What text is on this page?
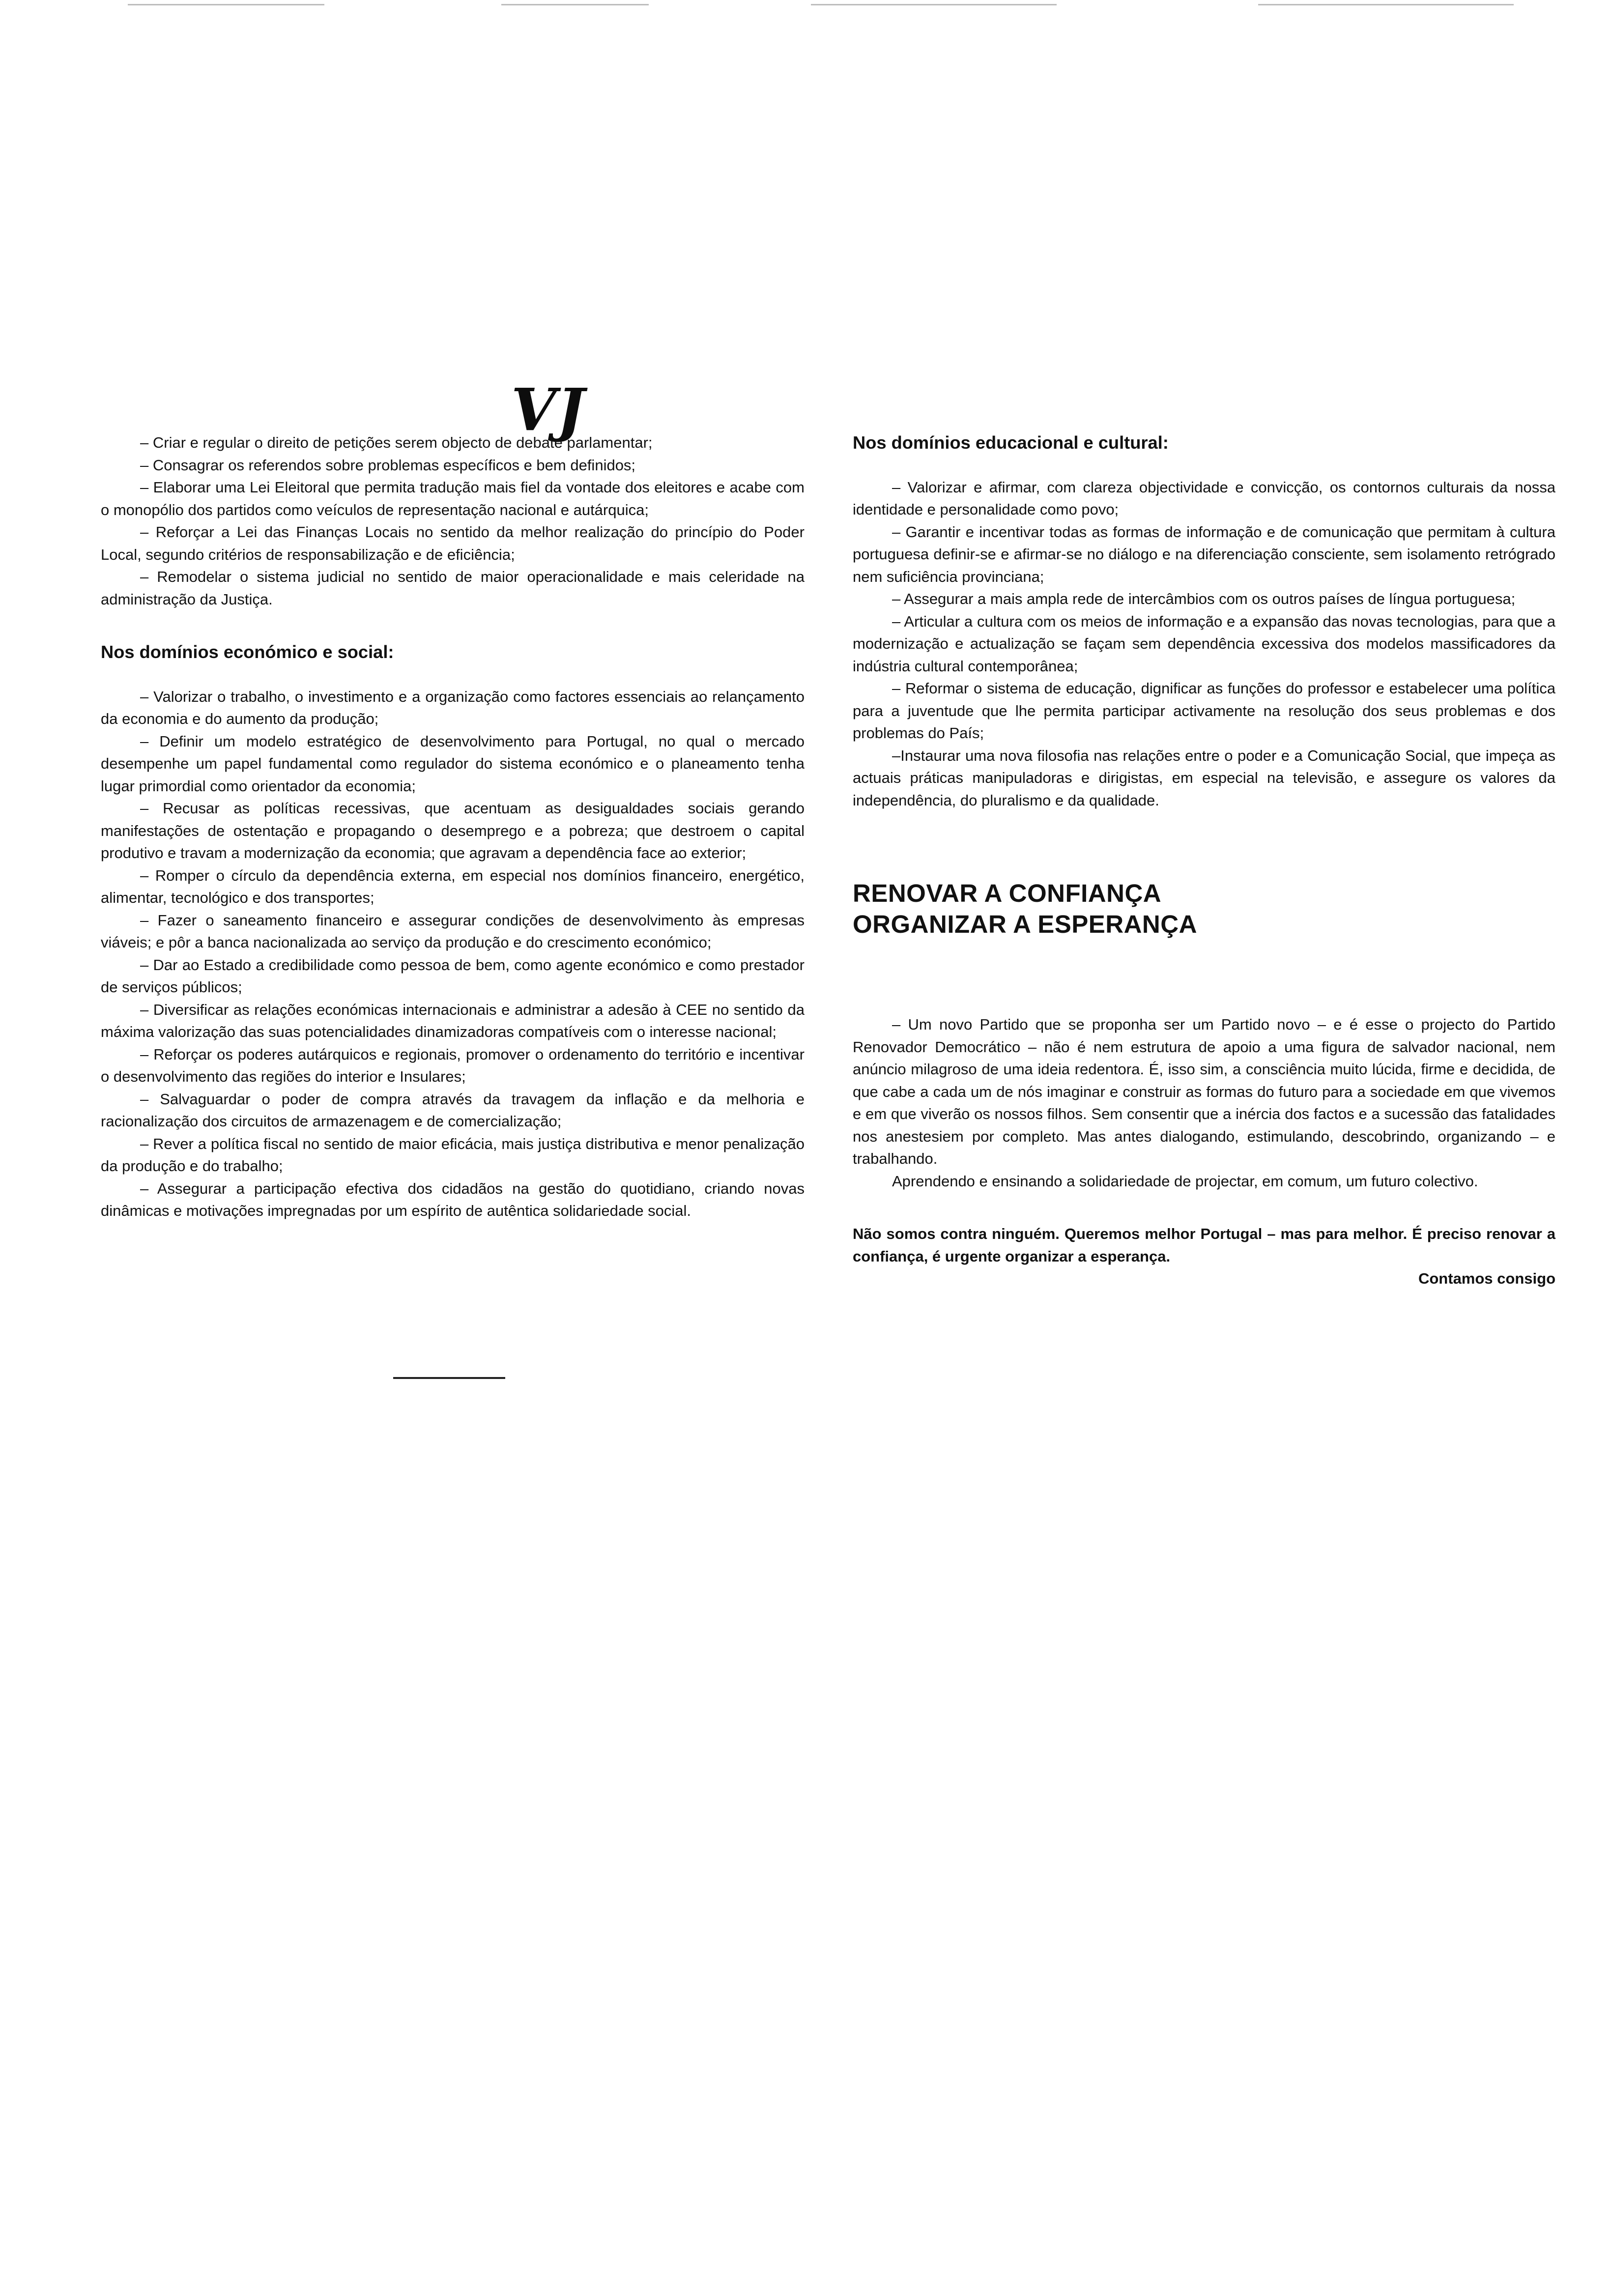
VJ

– Criar e regular o direito de petições serem objecto de debate parlamentar;

– Consagrar os referendos sobre problemas específicos e bem definidos;

– Elaborar uma Lei Eleitoral que permita tradução mais fiel da vontade dos eleitores e acabe com o monopólio dos partidos como veículos de representação nacional e autárquica;

– Reforçar a Lei das Finanças Locais no sentido da melhor realização do princípio do Poder Local, segundo critérios de responsabilização e de eficiência;

– Remodelar o sistema judicial no sentido de maior operacionalidade e mais celeridade na administração da Justiça.

Nos domínios económico e social:

– Valorizar o trabalho, o investimento e a organização como factores essenciais ao relançamento da economia e do aumento da produção;

– Definir um modelo estratégico de desenvolvimento para Portugal, no qual o mercado desempenhe um papel fundamental como regulador do sistema económico e o planeamento tenha lugar primordial como orientador da economia;

– Recusar as políticas recessivas, que acentuam as desigualdades sociais gerando manifestações de ostentação e propagando o desemprego e a pobreza; que destroem o capital produtivo e travam a modernização da economia; que agravam a dependência face ao exterior;

– Romper o círculo da dependência externa, em especial nos domínios financeiro, energético, alimentar, tecnológico e dos transportes;

– Fazer o saneamento financeiro e assegurar condições de desenvolvimento às empresas viáveis; e pôr a banca nacionalizada ao serviço da produção e do crescimento económico;

– Dar ao Estado a credibilidade como pessoa de bem, como agente económico e como prestador de serviços públicos;

– Diversificar as relações económicas internacionais e administrar a adesão à CEE no sentido da máxima valorização das suas potencialidades dinamizadoras compatíveis com o interesse nacional;

– Reforçar os poderes autárquicos e regionais, promover o ordenamento do território e incentivar o desenvolvimento das regiões do interior e Insulares;

– Salvaguardar o poder de compra através da travagem da inflação e da melhoria e racionalização dos circuitos de armazenagem e de comercialização;

– Rever a política fiscal no sentido de maior eficácia, mais justiça distributiva e menor penalização da produção e do trabalho;

– Assegurar a participação efectiva dos cidadãos na gestão do quotidiano, criando novas dinâmicas e motivações impregnadas por um espírito de autêntica solidariedade social.

Nos domínios educacional e cultural:

– Valorizar e afirmar, com clareza objectividade e convicção, os contornos culturais da nossa identidade e personalidade como povo;

– Garantir e incentivar todas as formas de informação e de comunicação que permitam à cultura portuguesa definir-se e afirmar-se no diálogo e na diferenciação consciente, sem isolamento retrógrado nem suficiência provinciana;

– Assegurar a mais ampla rede de intercâmbios com os outros países de língua portuguesa;

– Articular a cultura com os meios de informação e a expansão das novas tecnologias, para que a modernização e actualização se façam sem dependência excessiva dos modelos massificadores da indústria cultural contemporânea;

– Reformar o sistema de educação, dignificar as funções do professor e estabelecer uma política para a juventude que lhe permita participar activamente na resolução dos seus problemas e dos problemas do País;

–Instaurar uma nova filosofia nas relações entre o poder e a Comunicação Social, que impeça as actuais práticas manipuladoras e dirigistas, em especial na televisão, e assegure os valores da independência, do pluralismo e da qualidade.

RENOVAR A CONFIANÇA
ORGANIZAR A ESPERANÇA

– Um novo Partido que se proponha ser um Partido novo – e é esse o projecto do Partido Renovador Democrático – não é nem estrutura de apoio a uma figura de salvador nacional, nem anúncio milagroso de uma ideia redentora. É, isso sim, a consciência muito lúcida, firme e decidida, de que cabe a cada um de nós imaginar e construir as formas do futuro para a sociedade em que vivemos e em que viverão os nossos filhos. Sem consentir que a inércia dos factos e a sucessão das fatalidades nos anestesiem por completo. Mas antes dialogando, estimulando, descobrindo, organizando – e trabalhando.

Aprendendo e ensinando a solidariedade de projectar, em comum, um futuro colectivo.

Não somos contra ninguém. Queremos melhor Portugal – mas para melhor. É preciso renovar a confiança, é urgente organizar a esperança.

Contamos consigo
